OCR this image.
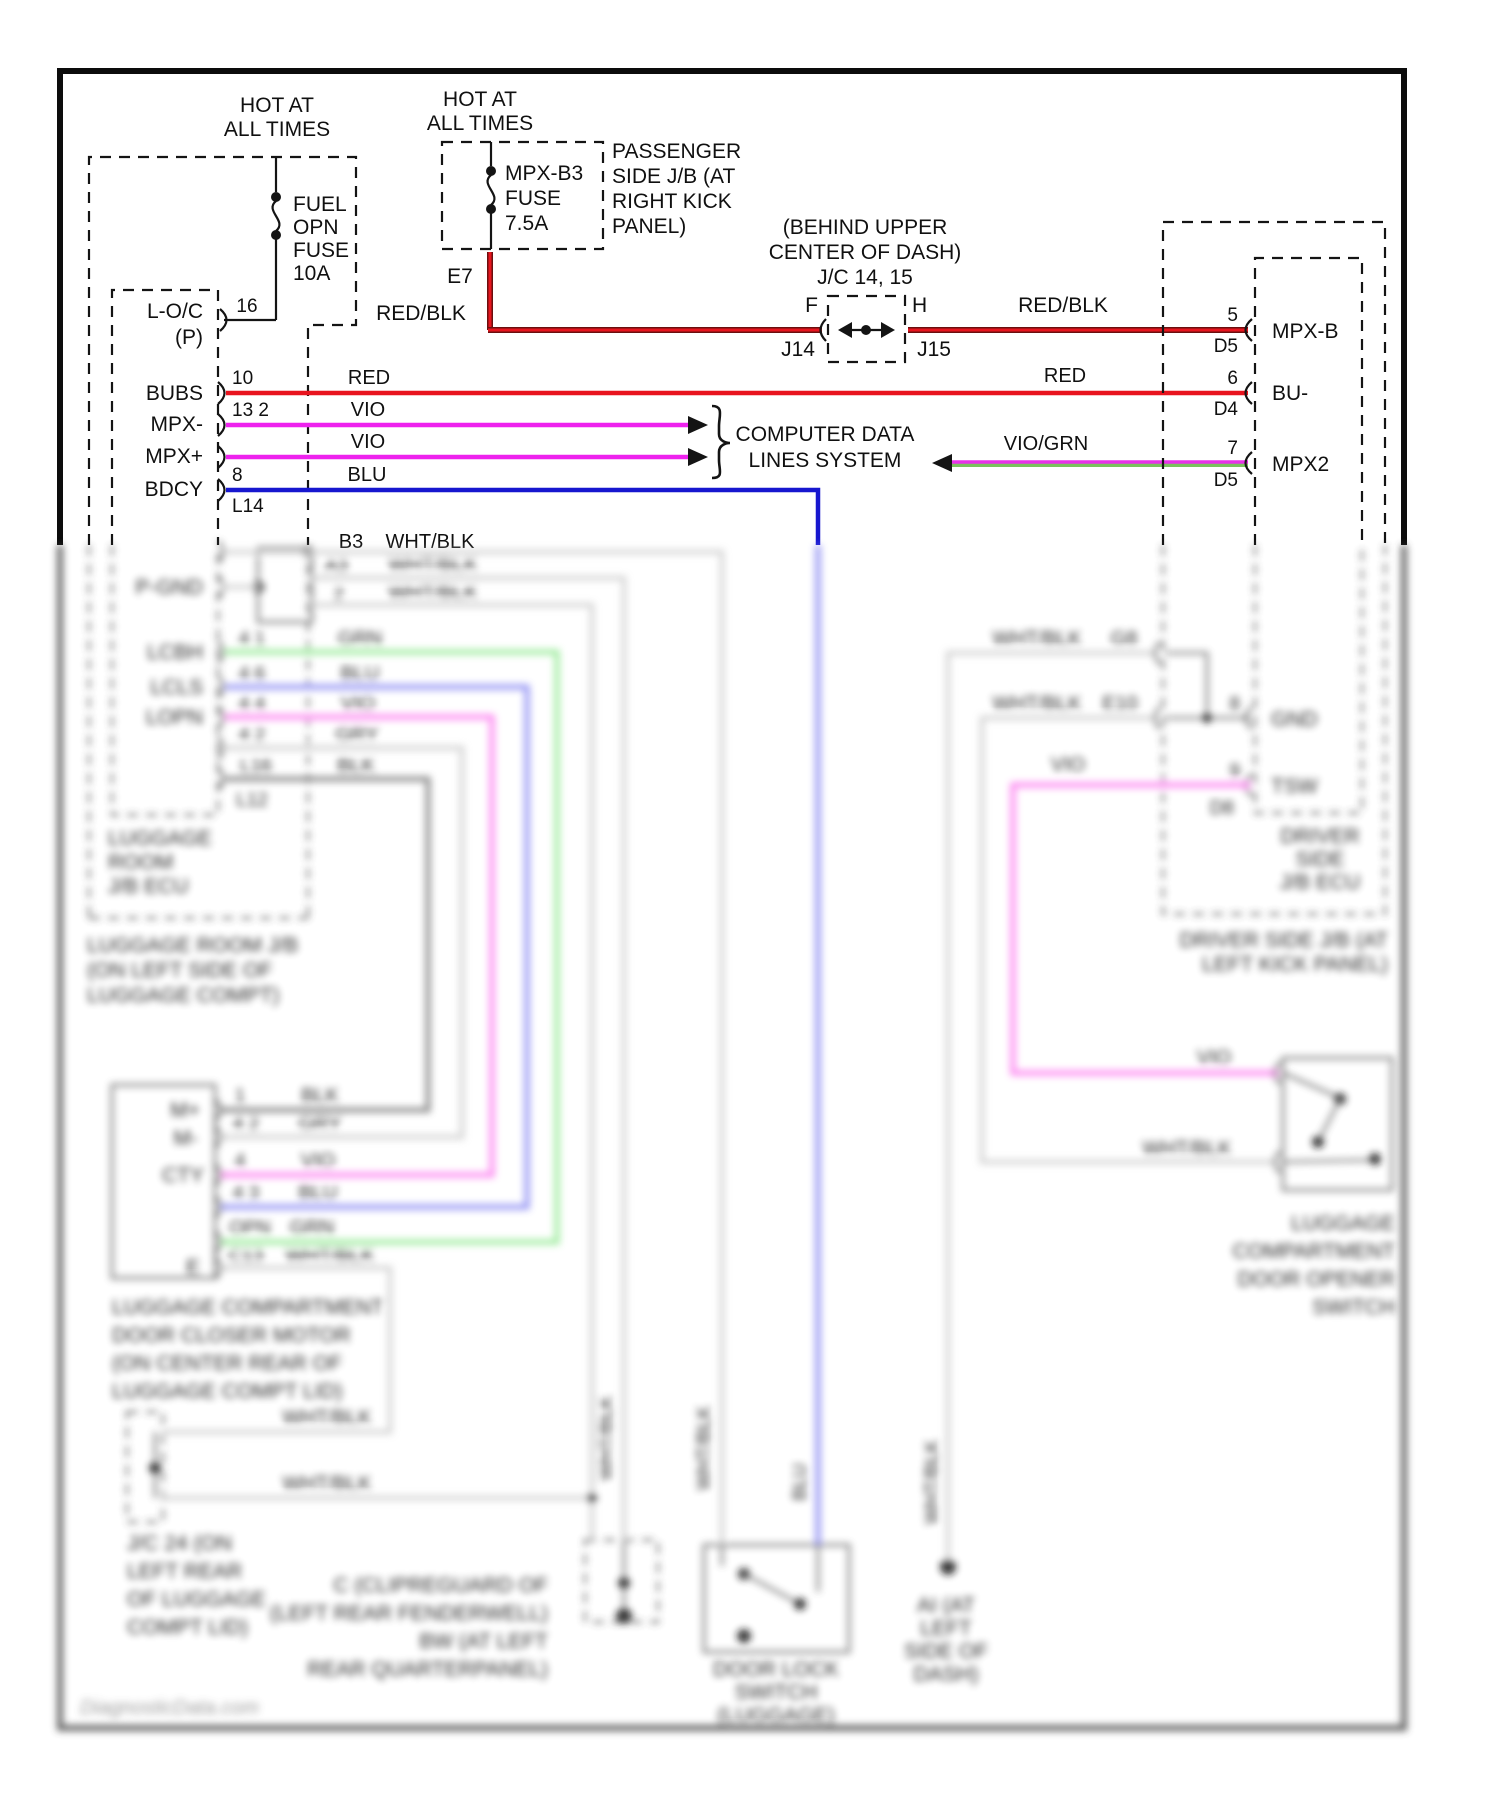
HOT AT
ALL TIMES
FUEL
OPN
FUSE
10A
16
L-O/C
(P)
BUBS
MPX-
MPX+
BDCY
10
13 2
8
L14
RED	RED
VIO
VIO	COMPUTER DATA
LINES SYSTEM
BLU
B3 WHT/BLK
HOT AT
ALL TIMES
MPX-B3
FUSE
7.5A
PASSENGER
SIDE J/B (AT
RIGHT KICK
PANEL)
E7
RED/BLK	RED/BLK
(BEHIND UPPER
CENTER OF DASH)
J/C 14, 15
F	H
J14	J15
VIO/GRN
5
D5
6
D4
7
D5
MPX-B
BU-
MPX2
P-GND
A3 WHT/BLK
2 WHT/BLK
LCBH
LCLS
LOPN
4 1
4 6
4 4
4 2
L16
L12
GRN
BLU
VIO
GRY
BLK
LUGGAGE
ROOM
J/B ECU
LUGGAGE ROOM J/B
(ON LEFT SIDE OF
LUGGAGE COMPT)
M+
M-
CTY
E
1	BLK
4 2 GRY
4	VIO
4 3 BLU
OPN GRN
C13 WHT/BLK
LUGGAGE COMPARTMENT
DOOR CLOSER MOTOR
(ON CENTER REAR OF
LUGGAGE COMPT LID)
WHT/BLK
WHT/BLK
J/C 24 (ON
LEFT REAR
OF LUGGAGE
COMPT LID)
WHT/BLK	WHT/BLK	BLU	WHT/BLK
C (CLIPREGUARD OF
(LEFT REAR FENDERWELL)
BW (AT LEFT
REAR QUARTERPANEL)	DOOR LOCK
SWITCH
(LUGGAGE)
DRIVER
SIDE
J/B ECU
DRIVER SIDE J/B (AT
LEFT KICK PANEL)
WHT/BLK G8
AI (AT
LEFT
SIDE OF
DASH)
WHT/BLK E10
WHT/BLK
8
9
D8
GND
TSW
VIO
VIO
LUGGAGE
COMPARTMENT
DOOR OPENER
SWITCH
DiagnosticData.com
